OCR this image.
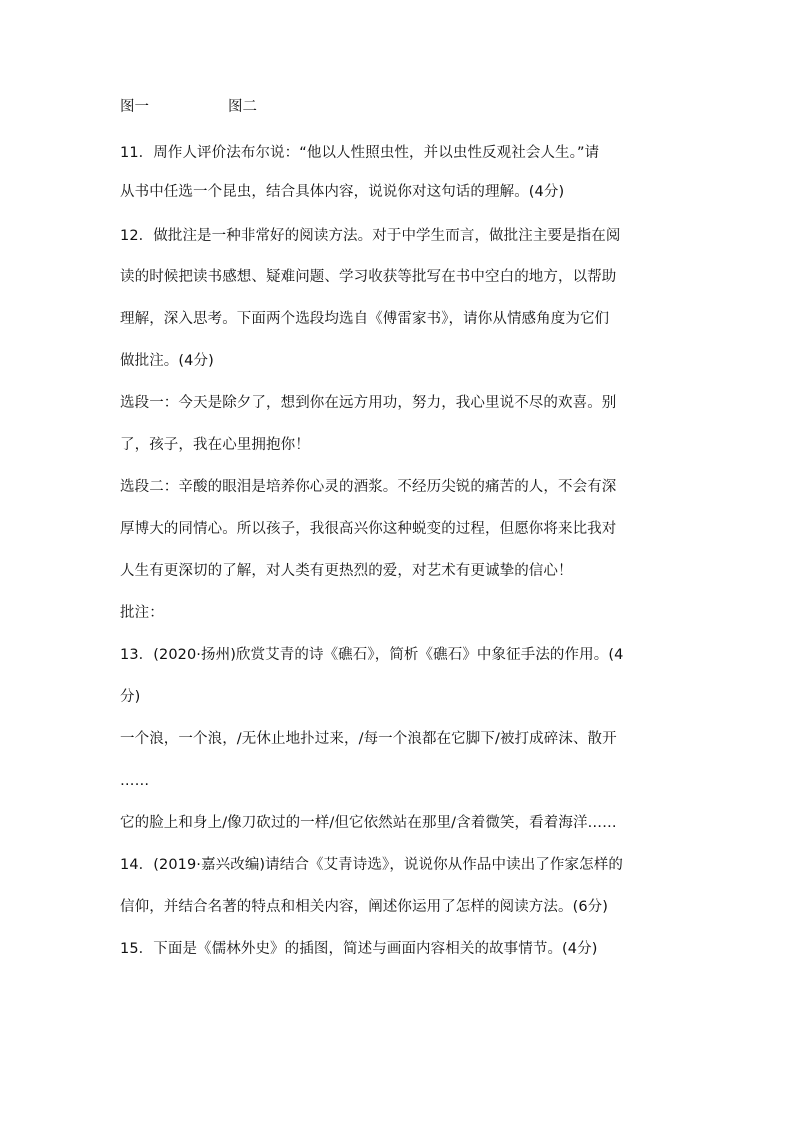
图一	图二
11．周作人评价法布尔说：“他以人性照虫性，并以虫性反观社会人生。”请
从书中任选一个昆虫，结合具体内容，说说你对这句话的理解。(4分)
12．做批注是一种非常好的阅读方法。对于中学生而言，做批注主要是指在阅
读的时候把读书感想、疑难问题、学习收获等批写在书中空白的地方，以帮助
理解，深入思考。下面两个选段均选自《傅雷家书》，请你从情感角度为它们
做批注。(4分)
选段一：今天是除夕了，想到你在远方用功，努力，我心里说不尽的欢喜。别
了，孩子，我在心里拥抱你！
选段二：辛酸的眼泪是培养你心灵的酒浆。不经历尖锐的痛苦的人，不会有深
厚博大的同情心。所以孩子，我很高兴你这种蜕变的过程，但愿你将来比我对
人生有更深切的了解，对人类有更热烈的爱，对艺术有更诚挚的信心！
批注：
13．(2020·扬州)欣赏艾青的诗《礁石》，简析《礁石》中象征手法的作用。(4
分)
一个浪，一个浪，/无休止地扑过来，/每一个浪都在它脚下/被打成碎沫、散开
……
它的脸上和身上/像刀砍过的一样/但它依然站在那里/含着微笑，看着海洋……
14．(2019·嘉兴改编)请结合《艾青诗选》，说说你从作品中读出了作家怎样的
信仰，并结合名著的特点和相关内容，阐述你运用了怎样的阅读方法。(6分)
15．下面是《儒林外史》的插图，简述与画面内容相关的故事情节。(4分)
